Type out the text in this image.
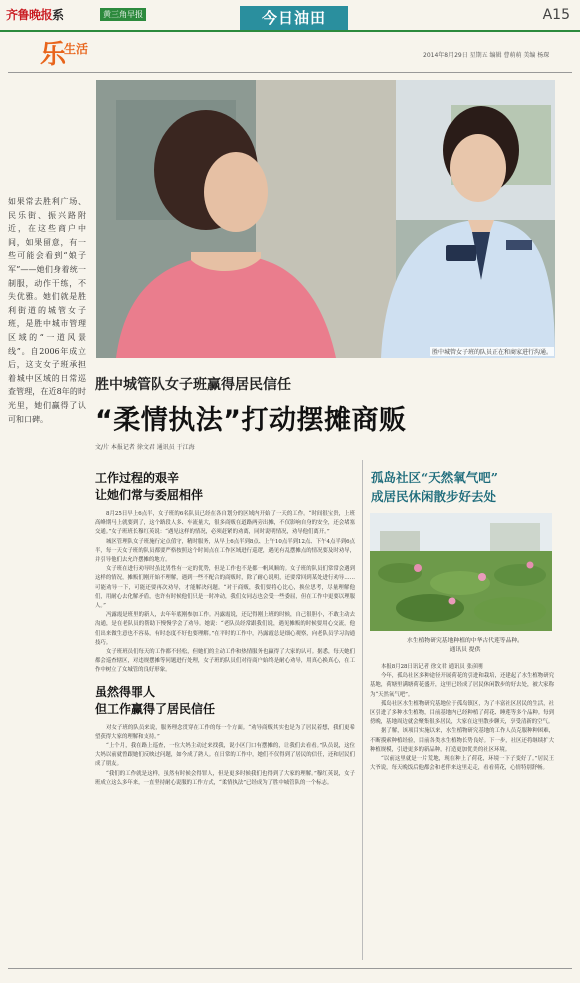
齐鲁晚报系	黄三角早报	今日油田	A15
乐$^{生活}$	2014年8月29日 星期五 编辑 曹萌萌 美编 杨琛
胜中城管女子班的队员正在和商家进行沟通。
如果常去胜利广场、民乐街、振兴路附近，在这些商户中间，如果留意，有一些可能会看到“娘子军”——她们身着统一制服，动作干练，不失优雅。她们就是胜利街道的城管女子班，是胜中城市管理区域的“一道风景线”。自2006年成立后，这支女子班承担着城中区域的日常巡查管理，在近8年的时光里，她们赢得了认可和口碑。
胜中城管队女子班赢得居民信任
“柔情执法”打动摆摊商贩
文/片 本报记者 徐文君 通讯员 于江海
工作过程的艰辛
让她们常与委屈相伴

8月25日早上6点半，女子班的6名队员已经在各自划分的区域内开始了一天的工作。“时间很宝贵，上班高峰期马上就要到了，这个路段人多、车流量大，很多商贩在道路两旁出摊，不仅影响自身的安全，还会堵塞交通。”女子班班长穆红英说：“遇见这样的情况，必须赶紧的劝离，同时说明情况，劝导他们离开。”

城区管理队女子班施行定点值守，精时服务，从早上6点半到8点、上午10点半到12点、下午4点半到6点半，每一天女子班的队员都要严格按照这个时间点在工作区域进行巡逻，遇见有乱摆摊点的情况要及时劝导，并引导他们去允许摆摊的地方。

女子班在进行劝导时虽比男性有一定的优势，但是工作也不是都一帆风顺的。女子班的队员们常常会遇到这样的情况，摊贩们刚开始不理解，遇到一些不配合的商贩时，除了耐心说明，还要常回到某处进行劝导……可能劝导一下，可能还要再次劝导，才能解决问题。“对于商贩，我们要将心比心，换位思考，尽量理解他们，用耐心去化解矛盾，也许有时候他们只是一时冲动，我们女同志也会受一些委屈，但在工作中更要以理服人。”

冯露霞是班里的新人，去年年底刚参加工作。冯露霞说，还记得刚上班的时候，自己很胆小，不敢主动去沟通，是在老队员的帮助下慢慢学会了劝导。她说：“老队员经常跟我们说，遇见摊贩的时候要用心交流，他们出来做生意也不容易，有时态度不好也要理解。”在平时的工作中，冯露霞总是细心观察，向老队员学习沟通技巧。

女子班班员们每天的工作都不轻松，但她们的主动工作和热情服务也赢得了大家的认可。据悉，每天她们都会巡查辖区，对违规摆摊等问题进行处理，女子班的队员们对待商户始终是耐心劝导，用真心换真心，在工作中树立了女城管的良好形象。

虽然得罪人
但工作赢得了居民信任

对女子班的队员来说，服务理念贯穿在工作的每一个方面。“劝导商贩其实也是为了居民着想，我们更希望获得大家的理解和支持。”

“上个月，我在路上巡查，一位大妈主动过来找我，说小区门口有摆摊的，让我们去看看。”队员说，这位大妈以前就曾跟她们反映过问题，如今成了熟人。在日常的工作中，她们不仅得到了居民的信任，还和居民们成了朋友。

“我们的工作就是这样，虽然有时候会得罪人，但是更多时候我们也得到了大家的理解。”穆红英说，女子班成立这么多年来，一直坚持耐心说服的工作方式，“柔情执法”已经成为了胜中城管队的一个标志。

孤岛社区“天然氧气吧”
成居民休闲散步好去处
水生植物研究基地种植的中华古代莲等品种。
通讯员 提供

本报8月28日讯记者 徐文君 通讯员 张彦刚

今年，孤岛社区多种途径开展荷花的引进和栽培，还建起了水生植物研究基地，荷塘里满塘荷花盛开，这里已经成了居民休闲散步的好去处，被大家称为“天然氧气吧”。

孤岛社区水生植物研究基地位于孤岛镇区，为了丰富社区居民的生活，社区引进了多种水生植物，目前基地内已经种植了荷花、睡莲等多个品种。每到傍晚，基地周边就会聚集很多居民，大家在这里散步聊天，享受清新的空气。

据了解，该项目实施以来，水生植物研究基地的工作人员克服种种困难，不断摸索种植经验，目前各类水生植物长势良好。下一步，社区还将继续扩大种植规模，引进更多的新品种，打造更加优美的社区环境。

“以前这里就是一片荒地，现在种上了荷花，环境一下子变好了。”居民王大爷说，每天晚饭后他都会和老伴来这里走走，看看荷花，心情特别舒畅。
